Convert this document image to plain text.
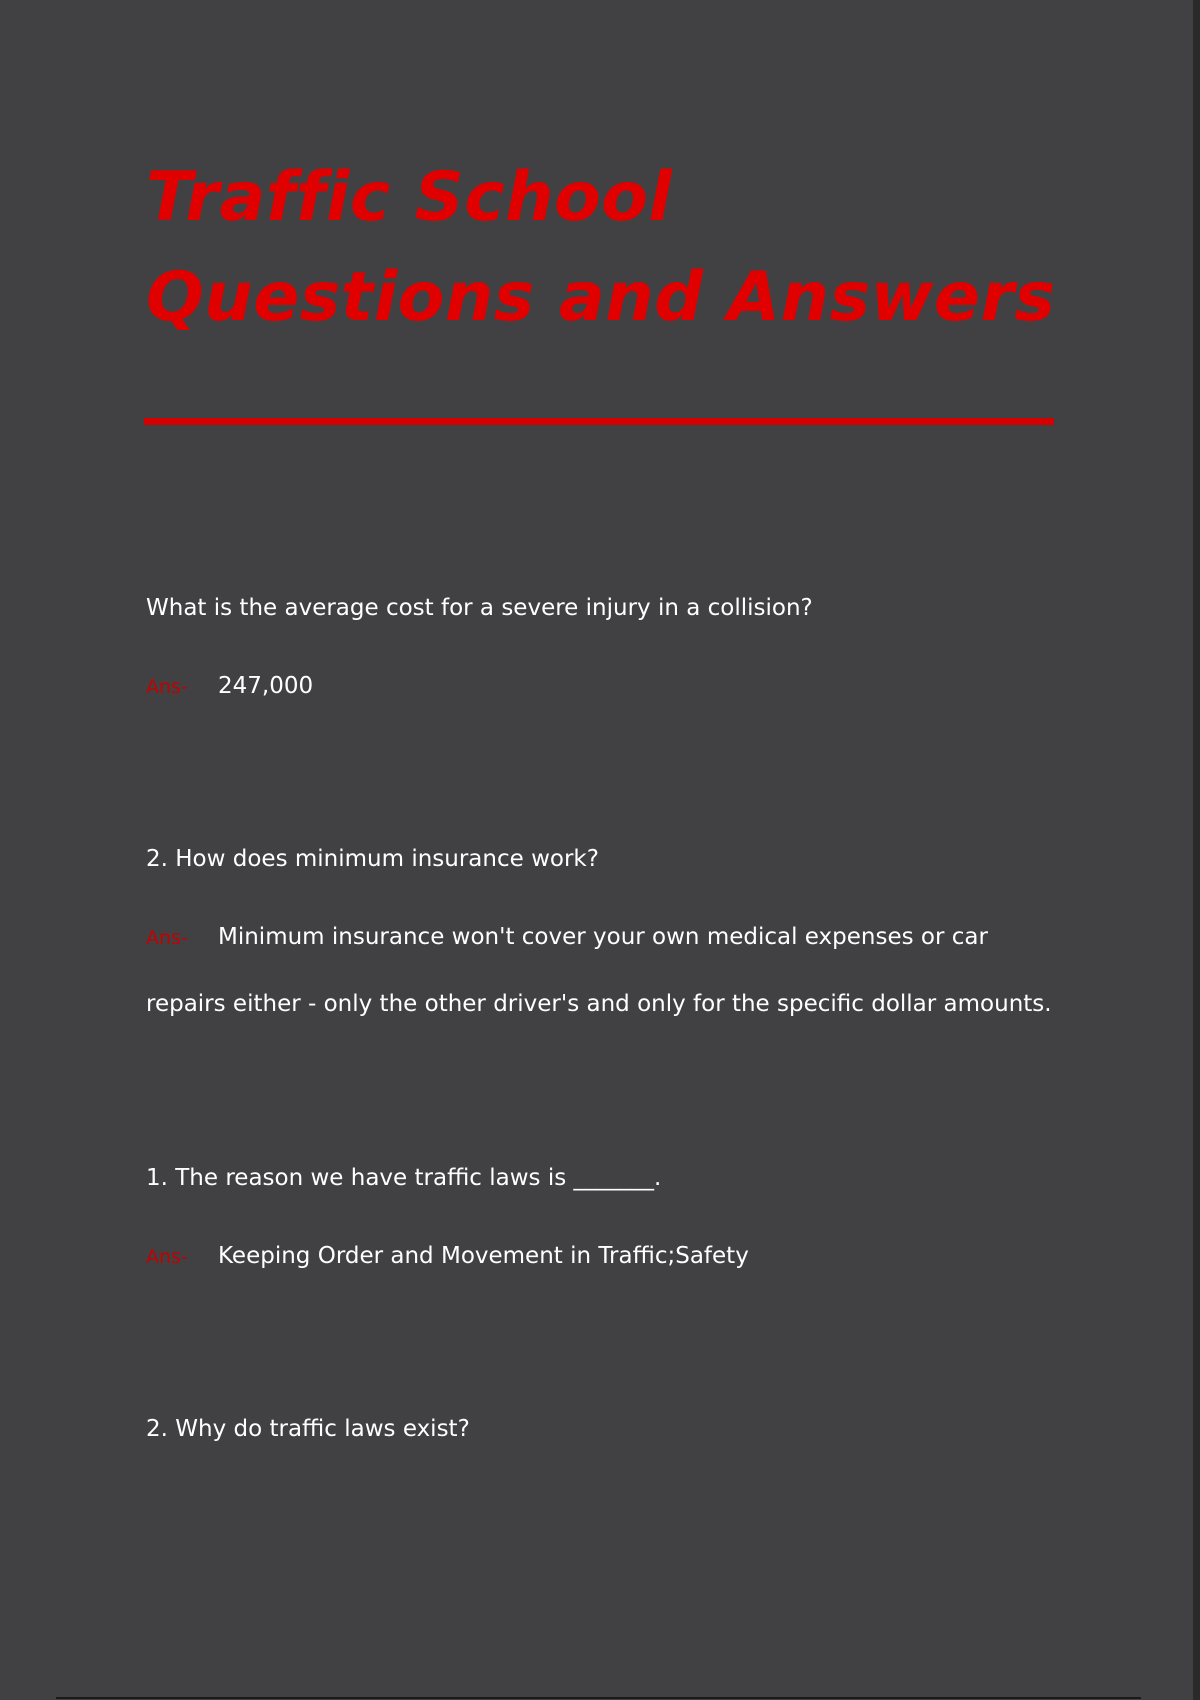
Traffic School Questions and Answers

What is the average cost for a severe injury in a collision?

Ans- 247,000

2. How does minimum insurance work?

Ans- Minimum insurance won't cover your own medical expenses or car repairs either - only the other driver's and only for the specific dollar amounts.

1. The reason we have traffic laws is _______.

Ans- Keeping Order and Movement in Traffic;Safety

2. Why do traffic laws exist?
